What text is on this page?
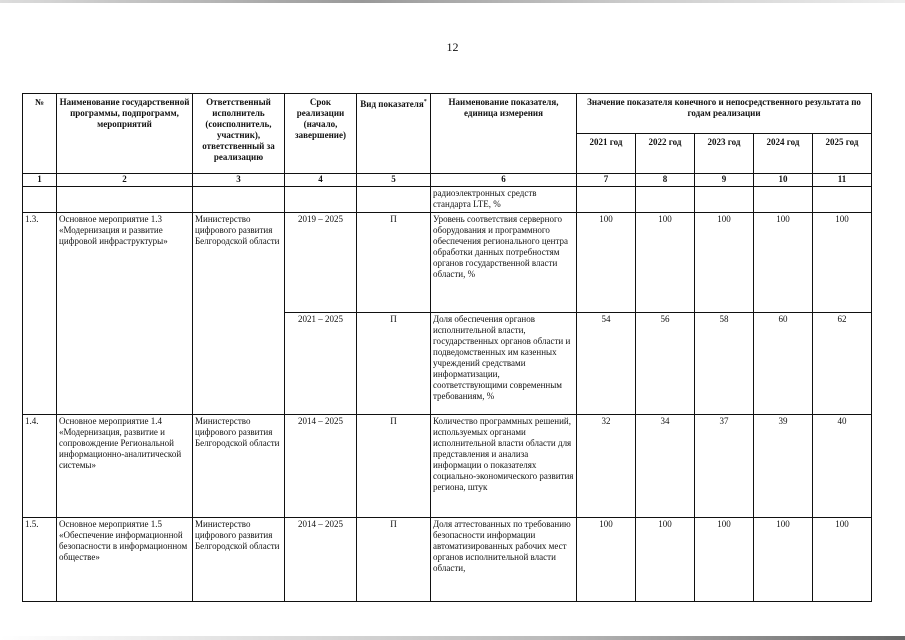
12
№	Наименование государственной программы, подпрограмм, мероприятий	Ответственный исполнитель (соисполнитель, участник), ответственный за реализацию	Срок реализации (начало, завершение)	Вид показателя*	Наименование показателя, единица измерения	Значение показателя конечного и непосредственного результата по годам реализации				
						2021 год	2022 год	2023 год	2024 год	2025 год
1	2	3	4	5	6	7	8	9	10	11
					радиоэлектронных средств стандарта LTE, %					
1.3.	Основное мероприятие 1.3 «Модернизация и развитие цифровой инфраструктуры»	Министерство цифрового развития Белгородской области	2019 – 2025	П	Уровень соответствия серверного оборудования и программного обеспечения регионального центра обработки данных потребностям органов государственной власти области, %	100	100	100	100	100
			2021 – 2025	П	Доля обеспечения органов исполнительной власти, государственных органов области и подведомственных им казенных учреждений средствами информатизации, соответствующими современным требованиям, %	54	56	58	60	62
1.4.	Основное мероприятие 1.4 «Модернизация, развитие и сопровождение Региональной информационно-аналитической системы»	Министерство цифрового развития Белгородской области	2014 – 2025	П	Количество программных решений, используемых органами исполнительной власти области для представления и анализа информации о показателях социально-экономического развития региона, штук	32	34	37	39	40
1.5.	Основное мероприятие 1.5 «Обеспечение информационной безопасности в информационном обществе»	Министерство цифрового развития Белгородской области	2014 – 2025	П	Доля аттестованных по требованию безопасности информации автоматизированных рабочих мест органов исполнительной власти области,	100	100	100	100	100
